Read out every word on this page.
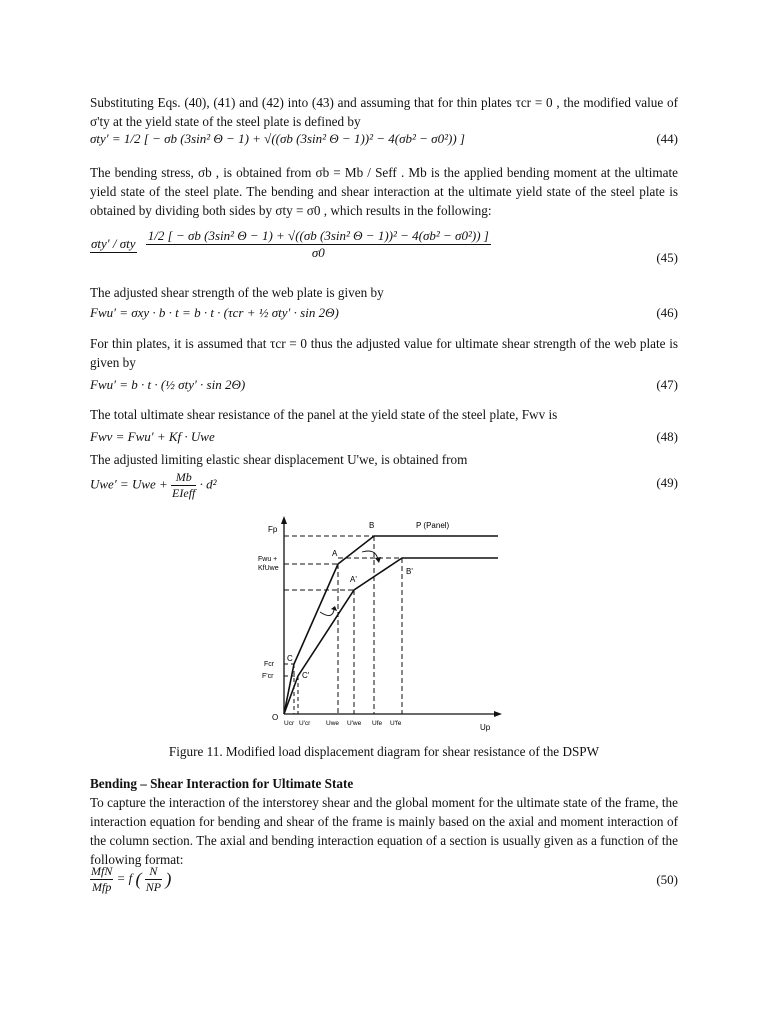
Substituting Eqs. (40), (41) and (42) into (43) and assuming that for thin plates τcr = 0 , the modified value of σ'ty at the yield state of the steel plate is defined by

σty′ = 1/2 [ − σb (3sin² Θ − 1) + √((σb (3sin² Θ − 1))² − 4(σb² − σ0²)) ]	(44)

The bending stress, σb , is obtained from σb = Mb / Seff . Mb is the applied bending moment at the ultimate yield state of the steel plate. The bending and shear interaction at the ultimate yield state of the steel plate is obtained by dividing both sides by σty = σ0 , which results in the following:

σty′ / σty

1/2 [ − σb (3sin² Θ − 1) + √((σb (3sin² Θ − 1))² − 4(σb² − σ0²)) ]
σ0	(45)

The adjusted shear strength of the web plate is given by

Fwu′ = σxy · b · t = b · t · (τcr + ½ σty′ · sin 2Θ)	(46)

For thin plates, it is assumed that τcr = 0 thus the adjusted value for ultimate shear strength of the web plate is given by

Fwu′ = b · t · (½ σty′ · sin 2Θ)	(47)

The total ultimate shear resistance of the panel at the yield state of the steel plate, Fwv is

Fwv = Fwu′ + Kf · Uwe	(48)

The adjusted limiting elastic shear displacement U'we, is obtained from

Uwe′ = Uwe + $\frac{Mb}{\text{EIeff}} \cdot d^2$	(49)
Fp
Fwu +
KfUwe
Fcr
F'cr
O
Up
A
A'
B
B'
C
C'
P (Panel)
Ucr U'cr Uwe U'we Ufe U'fe
Figure 11. Modified load displacement diagram for shear resistance of the DSPW
Bending – Shear Interaction for Ultimate State

To capture the interaction of the interstorey shear and the global moment for the ultimate state of the frame, the interaction equation for bending and shear of the frame is mainly based on the axial and moment interaction of the column section. The axial and bending interaction equation of a section is usually given as a function of the following format:

$\frac{\text{MfN}}{\text{Mfp}} = f$ ( $\frac{N}{NP}$ )	(50)
